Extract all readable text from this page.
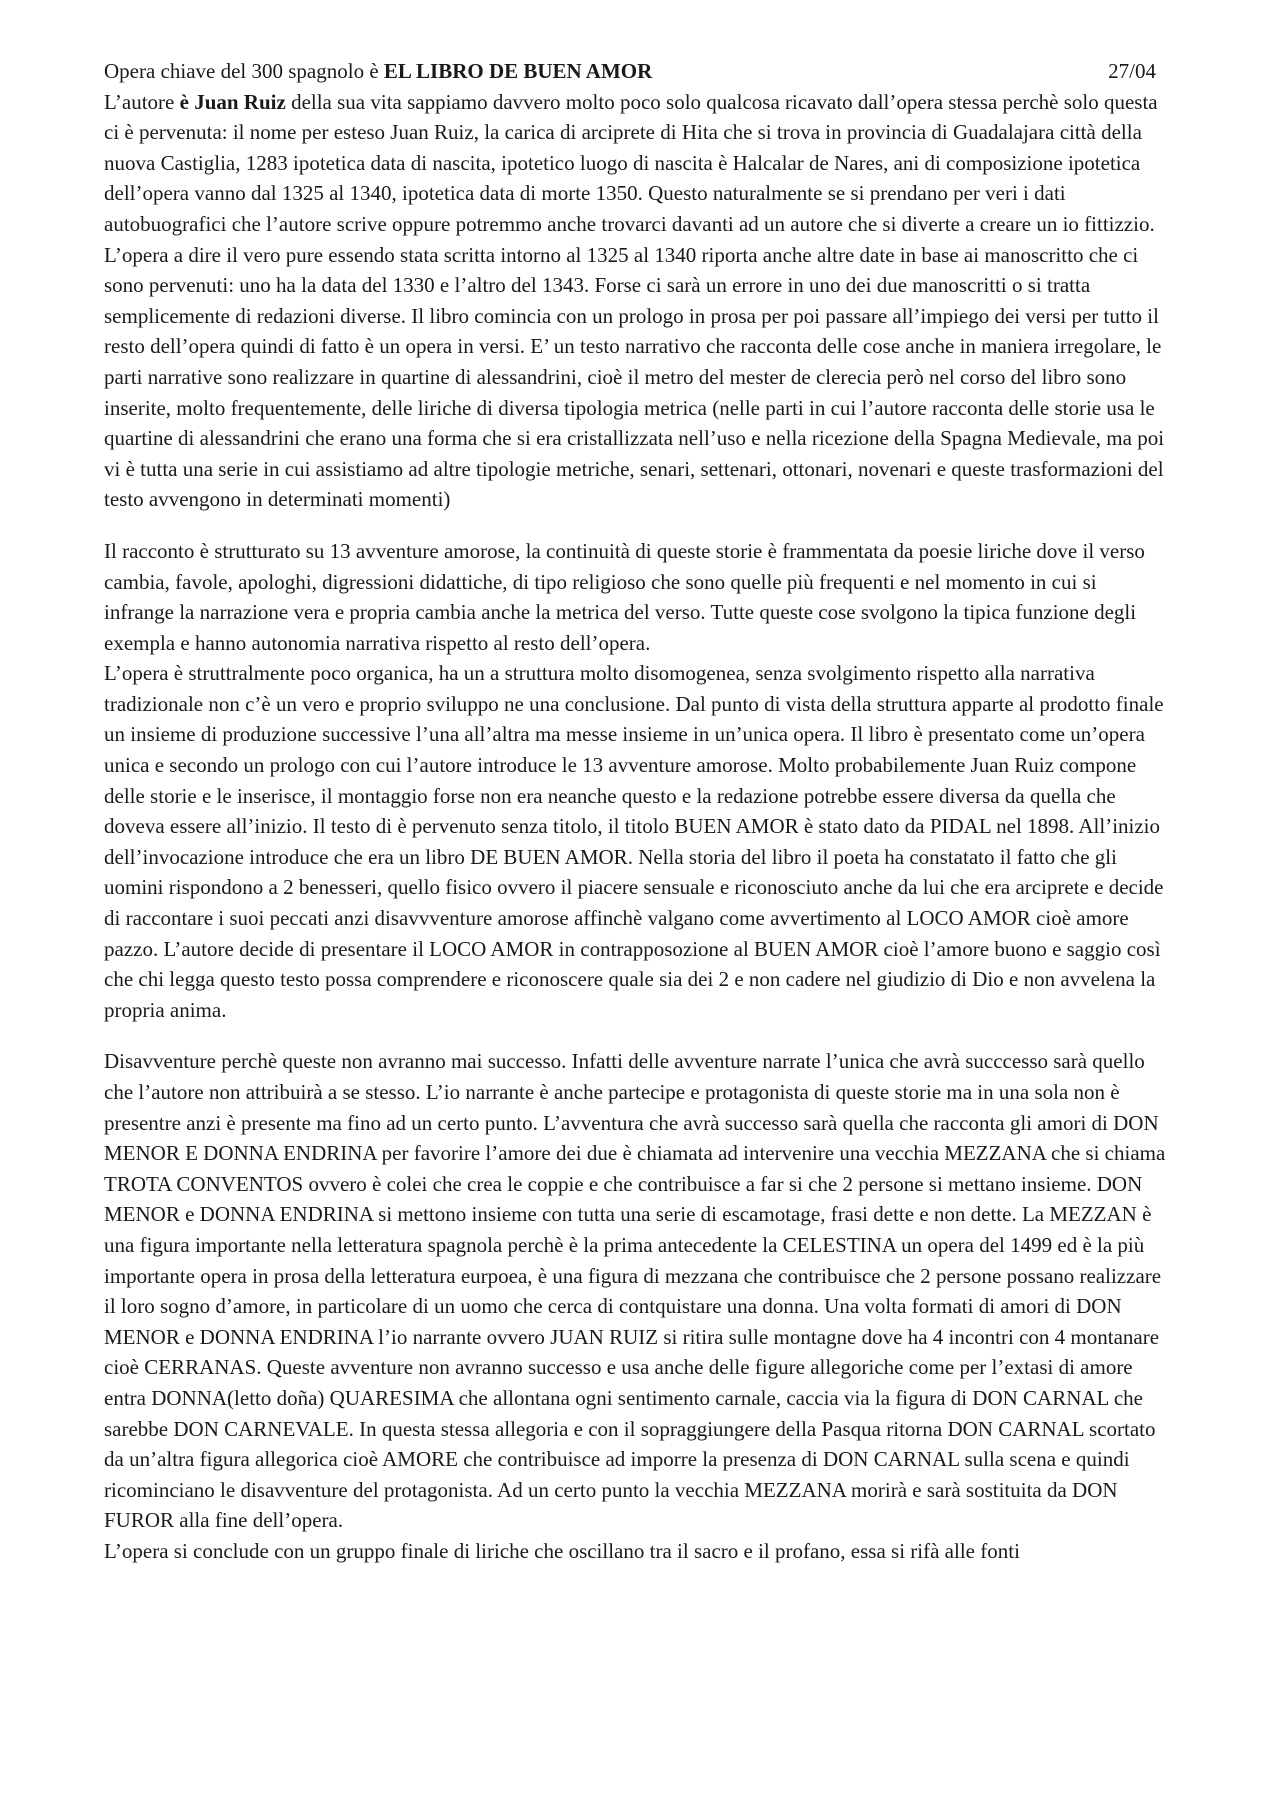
Opera chiave del 300 spagnolo è EL LIBRO DE BUEN AMOR	27/04

L’autore è Juan Ruiz della sua vita sappiamo davvero molto poco solo qualcosa ricavato dall’opera stessa perchè solo questa ci è pervenuta: il nome per esteso Juan Ruiz, la carica di arciprete di Hita che si trova in provincia di Guadalajara città della nuova Castiglia, 1283 ipotetica data di nascita, ipotetico luogo di nascita è Halcalar de Nares, ani di composizione ipotetica dell’opera vanno dal 1325 al 1340, ipotetica data di morte 1350. Questo naturalmente se si prendano per veri i dati autobuografici che l’autore scrive oppure potremmo anche trovarci davanti ad un autore che si diverte a creare un io fittizzio. L’opera a dire il vero pure essendo stata scritta intorno al 1325 al 1340 riporta anche altre date in base ai manoscritto che ci sono pervenuti: uno ha la data del 1330 e l’altro del 1343. Forse ci sarà un errore in uno dei due manoscritti o si tratta semplicemente di redazioni diverse. Il libro comincia con un prologo in prosa per poi passare all’impiego dei versi per tutto il resto dell’opera quindi di fatto è un opera in versi. E’ un testo narrativo che racconta delle cose anche in maniera irregolare, le parti narrative sono realizzare in quartine di alessandrini, cioè il metro del mester de clerecia però nel corso del libro sono inserite, molto frequentemente, delle liriche di diversa tipologia metrica (nelle parti in cui l’autore racconta delle storie usa le quartine di alessandrini che erano una forma che si era cristallizzata nell’uso e nella ricezione della Spagna Medievale, ma poi vi è tutta una serie in cui assistiamo ad altre tipologie metriche, senari, settenari, ottonari, novenari e queste trasformazioni del testo avvengono in determinati momenti)

Il racconto è strutturato su 13 avventure amorose, la continuità di queste storie è frammentata da poesie liriche dove il verso cambia, favole, apologhi, digressioni didattiche, di tipo religioso che sono quelle più frequenti e nel momento in cui si infrange la narrazione vera e propria cambia anche la metrica del verso. Tutte queste cose svolgono la tipica funzione degli exempla e hanno autonomia narrativa rispetto al resto dell’opera.

L’opera è struttralmente poco organica, ha un a struttura molto disomogenea, senza svolgimento rispetto alla narrativa tradizionale non c’è un vero e proprio sviluppo ne una conclusione. Dal punto di vista della struttura apparte al prodotto finale un insieme di produzione successive l’una all’altra ma messe insieme in un’unica opera. Il libro è presentato come un’opera unica e secondo un prologo con cui l’autore introduce le 13 avventure amorose. Molto probabilemente Juan Ruiz compone delle storie e le inserisce, il montaggio forse non era neanche questo e la redazione potrebbe essere diversa da quella che doveva essere all’inizio. Il testo di è pervenuto senza titolo, il titolo BUEN AMOR è stato dato da PIDAL nel 1898. All’inizio dell’invocazione introduce che era un libro DE BUEN AMOR. Nella storia del libro il poeta ha constatato il fatto che gli uomini rispondono a 2 benesseri, quello fisico ovvero il piacere sensuale e riconosciuto anche da lui che era arciprete e decide di raccontare i suoi peccati anzi disavvventure amorose affinchè valgano come avvertimento al LOCO AMOR cioè amore pazzo. L’autore decide di presentare il LOCO AMOR in contrapposozione al BUEN AMOR cioè l’amore buono e saggio così che chi legga questo testo possa comprendere e riconoscere quale sia dei 2 e non cadere nel giudizio di Dio e non avvelena la propria anima.

Disavventure perchè queste non avranno mai successo. Infatti delle avventure narrate l’unica che avrà succcesso sarà quello che l’autore non attribuirà a se stesso. L’io narrante è anche partecipe e protagonista di queste storie ma in una sola non è presentre anzi è presente ma fino ad un certo punto. L’avventura che avrà successo sarà quella che racconta gli amori di DON MENOR E DONNA ENDRINA per favorire l’amore dei due è chiamata ad intervenire una vecchia MEZZANA che si chiama TROTA CONVENTOS ovvero è colei che crea le coppie e che contribuisce a far si che 2 persone si mettano insieme. DON MENOR e DONNA ENDRINA si mettono insieme con tutta una serie di escamotage, frasi dette e non dette. La MEZZAN è una figura importante nella letteratura spagnola perchè è la prima antecedente la CELESTINA un opera del 1499 ed è la più importante opera in prosa della letteratura eurpoea, è una figura di mezzana che contribuisce che 2 persone possano realizzare il loro sogno d’amore, in particolare di un uomo che cerca di contquistare una donna. Una volta formati di amori di DON MENOR e DONNA ENDRINA l’io narrante ovvero JUAN RUIZ si ritira sulle montagne dove ha 4 incontri con 4 montanare cioè CERRANAS. Queste avventure non avranno successo e usa anche delle figure allegoriche come per l’extasi di amore entra DONNA(letto doña) QUARESIMA che allontana ogni sentimento carnale, caccia via la figura di DON CARNAL che sarebbe DON CARNEVALE. In questa stessa allegoria e con il sopraggiungere della Pasqua ritorna DON CARNAL scortato da un’altra figura allegorica cioè AMORE che contribuisce ad imporre la presenza di DON CARNAL sulla scena e quindi ricominciano le disavventure del protagonista. Ad un certo punto la vecchia MEZZANA morirà e sarà sostituita da DON FUROR alla fine dell’opera.

L’opera si conclude con un gruppo finale di liriche che oscillano tra il sacro e il profano, essa si rifà alle fonti
